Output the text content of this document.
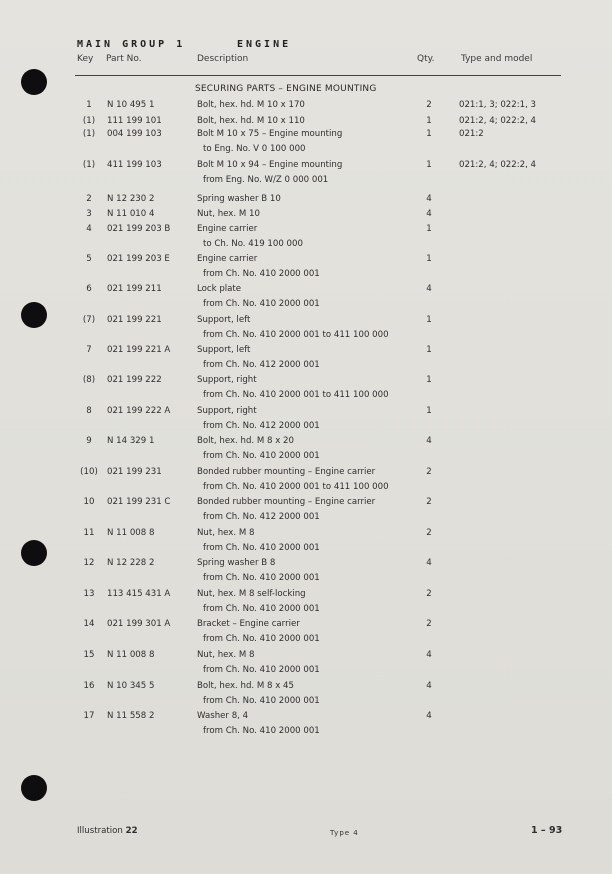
MAIN GROUP 1	ENGINE
Key Part No.	Description	Qty.	Type and model
SECURING PARTS – ENGINE MOUNTING
1	N 10 495 1	Bolt, hex. hd. M 10 x 170	2	021:1, 3; 022:1, 3
(1)	111 199 101	Bolt, hex. hd. M 10 x 110	1	021:2, 4; 022:2, 4
(1)	004 199 103	Bolt M 10 x 75 – Engine mounting	1	021:2
to Eng. No. V 0 100 000
(1)	411 199 103	Bolt M 10 x 94 – Engine mounting	1	021:2, 4; 022:2, 4
from Eng. No. W/Z 0 000 001
2	N 12 230 2	Spring washer B 10	4
3	N 11 010 4	Nut, hex. M 10	4
4	021 199 203 B	Engine carrier	1
to Ch. No. 419 100 000
5	021 199 203 E	Engine carrier	1
from Ch. No. 410 2000 001
6	021 199 211	Lock plate	4
from Ch. No. 410 2000 001
(7)	021 199 221	Support, left	1
from Ch. No. 410 2000 001 to 411 100 000
7	021 199 221 A	Support, left	1
from Ch. No. 412 2000 001
(8)	021 199 222	Support, right	1
from Ch. No. 410 2000 001 to 411 100 000
8	021 199 222 A	Support, right	1
from Ch. No. 412 2000 001
9	N 14 329 1	Bolt, hex. hd. M 8 x 20	4
from Ch. No. 410 2000 001
(10)	021 199 231	Bonded rubber mounting – Engine carrier	2
from Ch. No. 410 2000 001 to 411 100 000
10	021 199 231 C	Bonded rubber mounting – Engine carrier	2
from Ch. No. 412 2000 001
11	N 11 008 8	Nut, hex. M 8	2
from Ch. No. 410 2000 001
12	N 12 228 2	Spring washer B 8	4
from Ch. No. 410 2000 001
13	113 415 431 A	Nut, hex. M 8 self-locking	2
from Ch. No. 410 2000 001
14	021 199 301 A	Bracket – Engine carrier	2
from Ch. No. 410 2000 001
15	N 11 008 8	Nut, hex. M 8	4
from Ch. No. 410 2000 001
16	N 10 345 5	Bolt, hex. hd. M 8 x 45	4
from Ch. No. 410 2000 001
17	N 11 558 2	Washer 8, 4	4
from Ch. No. 410 2000 001
Illustration 22	Type 4	1 – 93
